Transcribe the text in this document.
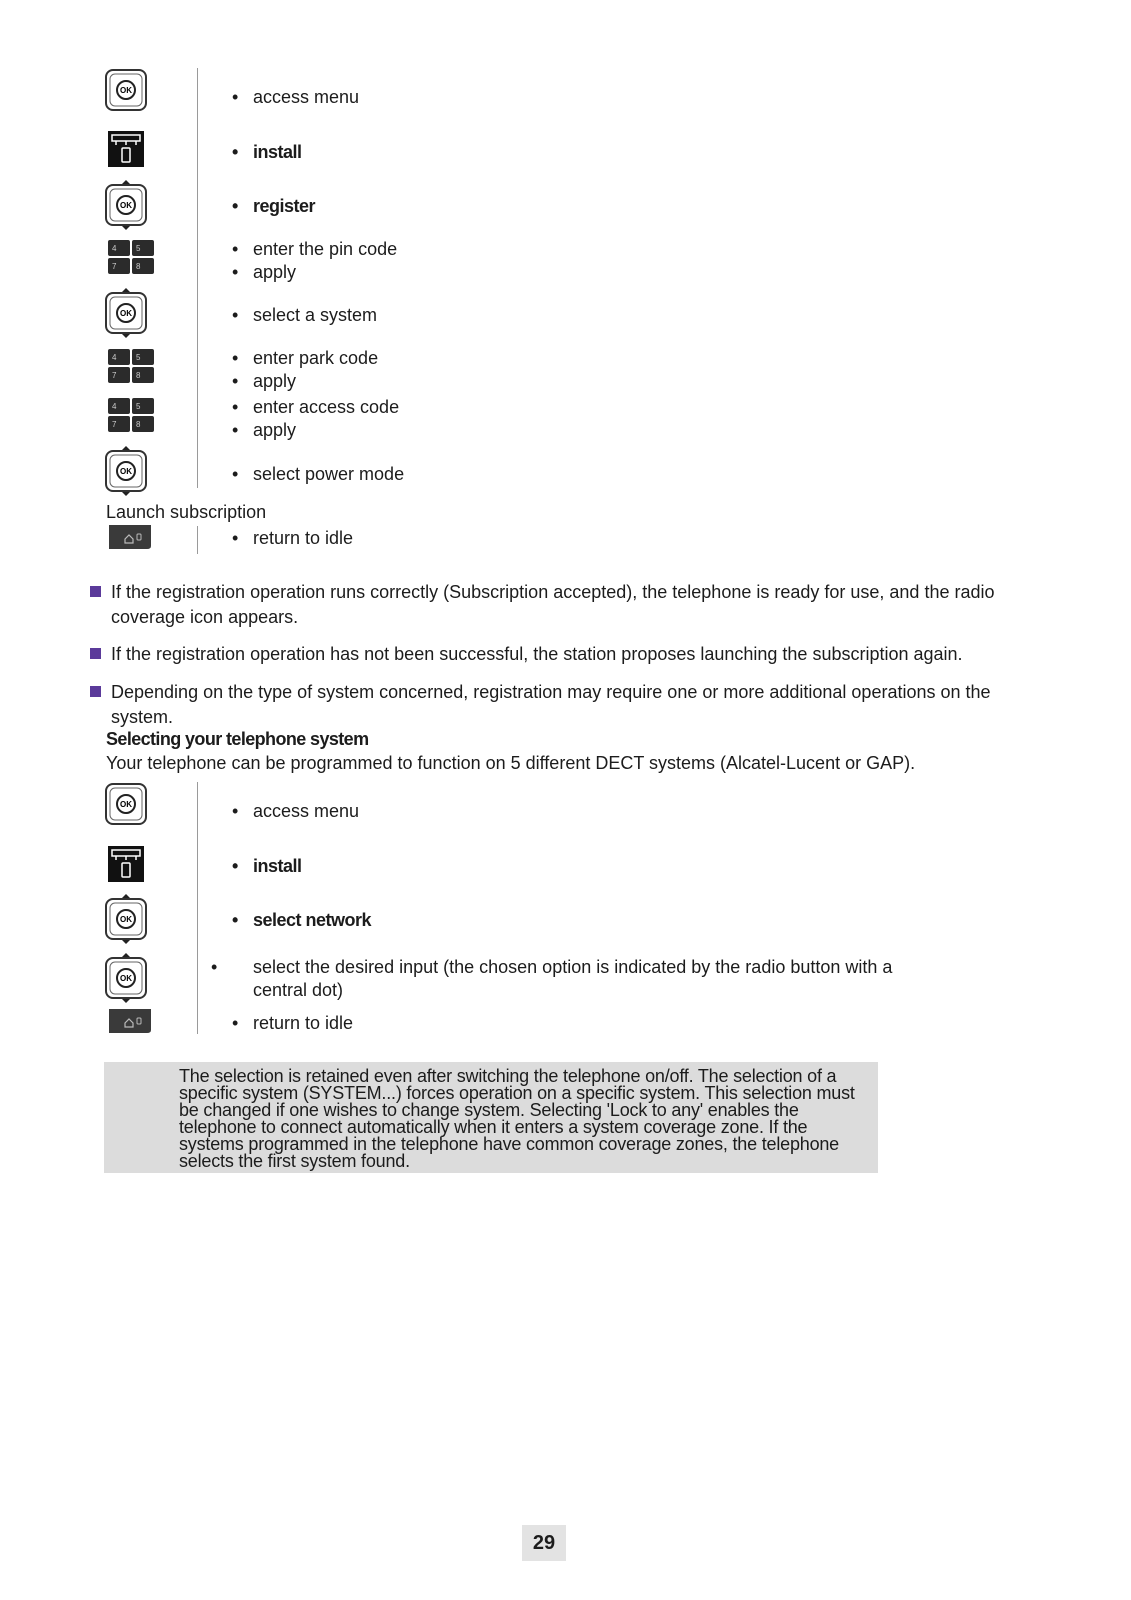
OK
OK
4 5
7 8
OK
4 5
7 8
4 5
7 8
OK
• access menu
• install
• register
• enter the pin code
• apply
• select a system
• enter park code
• apply
• enter access code
• apply
• select power mode
Launch subscription
• return to idle
If the registration operation runs correctly (Subscription accepted), the telephone is ready for use, and the radio coverage icon appears.
If the registration operation has not been successful, the station proposes launching the subscription again.
Depending on the type of system concerned, registration may require one or more additional operations on the system.
Selecting your telephone system
Your telephone can be programmed to function on 5 different DECT systems (Alcatel-Lucent or GAP).
OK
OK
OK
• access menu
• install
• select network
• select the desired input (the chosen option is indicated by the radio button with a central dot)
• return to idle
The selection is retained even after switching the telephone on/off. The selection of a specific system (SYSTEM...) forces operation on a specific system. This selection must be changed if one wishes to change system. Selecting 'Lock to any' enables the telephone to connect automatically when it enters a system coverage zone. If the systems programmed in the telephone have common coverage zones, the telephone selects the first system found.
29
